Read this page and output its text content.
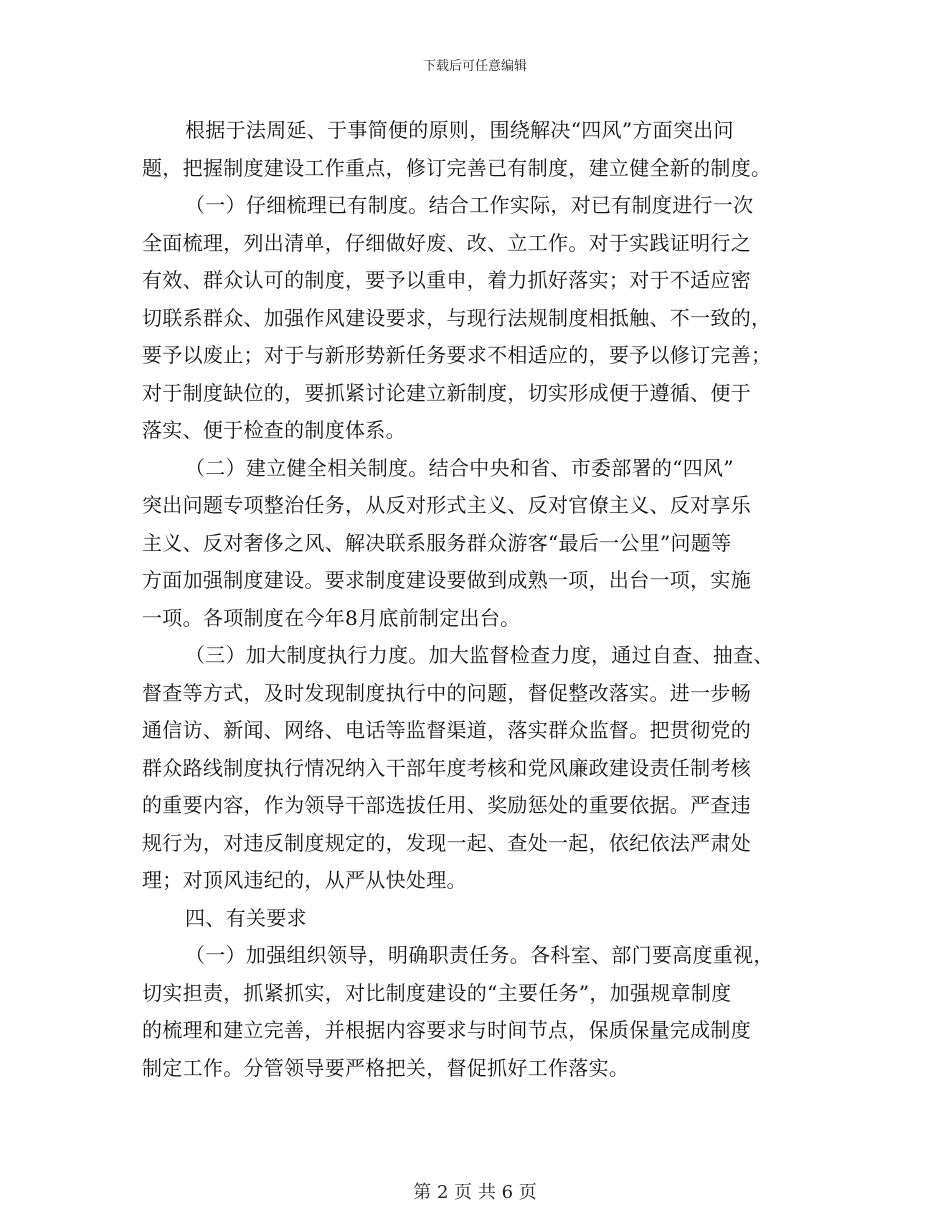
下载后可任意编辑
根据于法周延、于事简便的原则，围绕解决“四风”方面突出问
题，把握制度建设工作重点，修订完善已有制度，建立健全新的制度。
（一）仔细梳理已有制度。结合工作实际，对已有制度进行一次
全面梳理，列出清单，仔细做好废、改、立工作。对于实践证明行之
有效、群众认可的制度，要予以重申，着力抓好落实；对于不适应密
切联系群众、加强作风建设要求，与现行法规制度相抵触、不一致的，
要予以废止；对于与新形势新任务要求不相适应的，要予以修订完善；
对于制度缺位的，要抓紧讨论建立新制度，切实形成便于遵循、便于
落实、便于检查的制度体系。
（二）建立健全相关制度。结合中央和省、市委部署的“四风”
突出问题专项整治任务，从反对形式主义、反对官僚主义、反对享乐
主义、反对奢侈之风、解决联系服务群众游客“最后一公里”问题等
方面加强制度建设。要求制度建设要做到成熟一项，出台一项，实施
一项。各项制度在今年8月底前制定出台。
（三）加大制度执行力度。加大监督检查力度，通过自查、抽查、
督查等方式，及时发现制度执行中的问题，督促整改落实。进一步畅
通信访、新闻、网络、电话等监督渠道，落实群众监督。把贯彻党的
群众路线制度执行情况纳入干部年度考核和党风廉政建设责任制考核
的重要内容，作为领导干部选拔任用、奖励惩处的重要依据。严查违
规行为，对违反制度规定的，发现一起、查处一起，依纪依法严肃处
理；对顶风违纪的，从严从快处理。
四、有关要求
（一）加强组织领导，明确职责任务。各科室、部门要高度重视，
切实担责，抓紧抓实，对比制度建设的“主要任务”，加强规章制度
的梳理和建立完善，并根据内容要求与时间节点，保质保量完成制度
制定工作。分管领导要严格把关，督促抓好工作落实。
第 2 页 共 6 页
